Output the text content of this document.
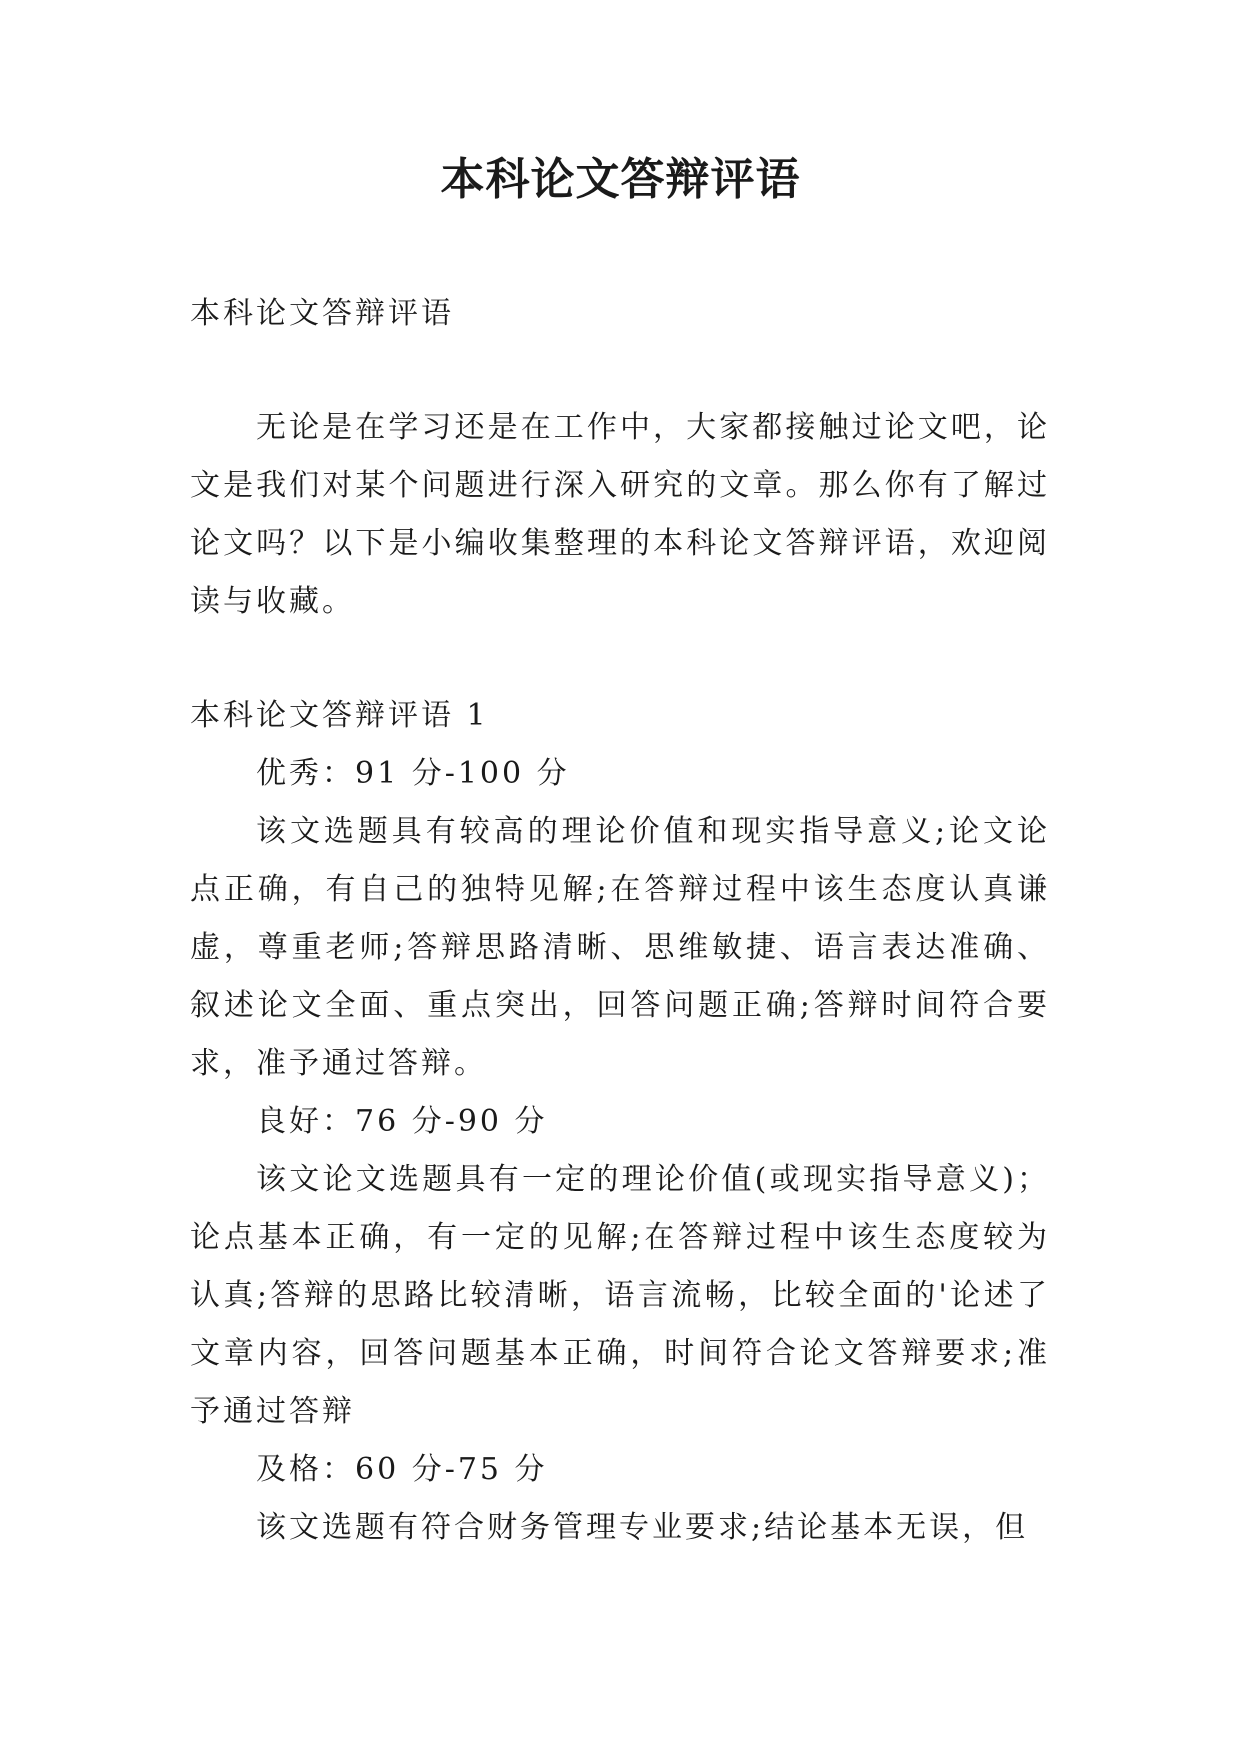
本科论文答辩评语

本科论文答辩评语

无论是在学习还是在工作中，大家都接触过论文吧，论文是我们对某个问题进行深入研究的文章。那么你有了解过论文吗？以下是小编收集整理的本科论文答辩评语，欢迎阅读与收藏。

本科论文答辩评语 1

优秀：91 分-100 分

该文选题具有较高的理论价值和现实指导意义;论文论点正确，有自己的独特见解;在答辩过程中该生态度认真谦虚，尊重老师;答辩思路清晰、思维敏捷、语言表达准确、叙述论文全面、重点突出，回答问题正确;答辩时间符合要求，准予通过答辩。

良好：76 分-90 分

该文论文选题具有一定的理论价值(或现实指导意义)；论点基本正确，有一定的见解;在答辩过程中该生态度较为认真;答辩的思路比较清晰，语言流畅，比较全面的'论述了文章内容，回答问题基本正确，时间符合论文答辩要求;准予通过答辩

及格：60 分-75 分

该文选题有符合财务管理专业要求;结论基本无误，但
